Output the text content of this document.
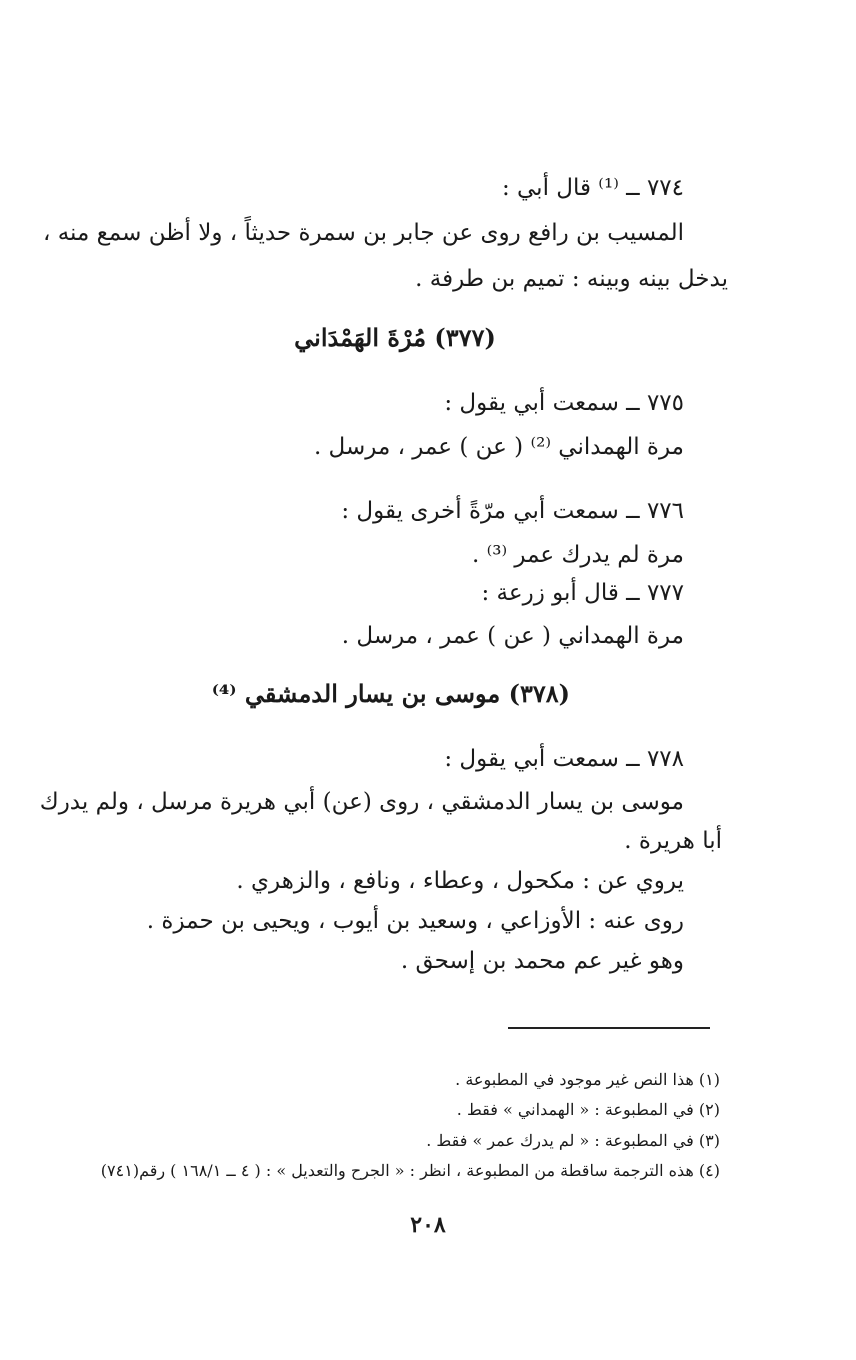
٧٧٤ ــ ⁽¹⁾ قال أبي :
المسيب بن رافع روى عن جابر بن سمرة حديثاً ، ولا أظن سمع منه ،
يدخل بينه وبينه : تميم بن طرفة .
(٣٧٧) مُرْةَ الهَمْدَاني
٧٧٥ ــ سمعت أبي يقول :
مرة الهمداني ⁽²⁾ ( عن ) عمر ، مرسل .
٧٧٦ ــ سمعت أبي مرّةً أخرى يقول :
مرة لم يدرك عمر ⁽³⁾ .
٧٧٧ ــ قال أبو زرعة :
مرة الهمداني ( عن ) عمر ، مرسل .
(٣٧٨) موسى بن يسار الدمشقي ⁽⁴⁾
٧٧٨ ــ سمعت أبي يقول :
موسى بن يسار الدمشقي ، روى (عن) أبي هريرة مرسل ، ولم يدرك
أبا هريرة .
يروي عن : مكحول ، وعطاء ، ونافع ، والزهري .
روى عنه : الأوزاعي ، وسعيد بن أيوب ، ويحيى بن حمزة .
وهو غير عم محمد بن إسحق .
(١) هذا النص غير موجود في المطبوعة .
(٢) في المطبوعة : « الهمداني » فقط .
(٣) في المطبوعة : « لم يدرك عمر » فقط .
(٤) هذه الترجمة ساقطة من المطبوعة ، انظر : « الجرح والتعديل » : ( ٤ ــ ١٦٨/١ ) رقم(٧٤١)
٢٠٨
